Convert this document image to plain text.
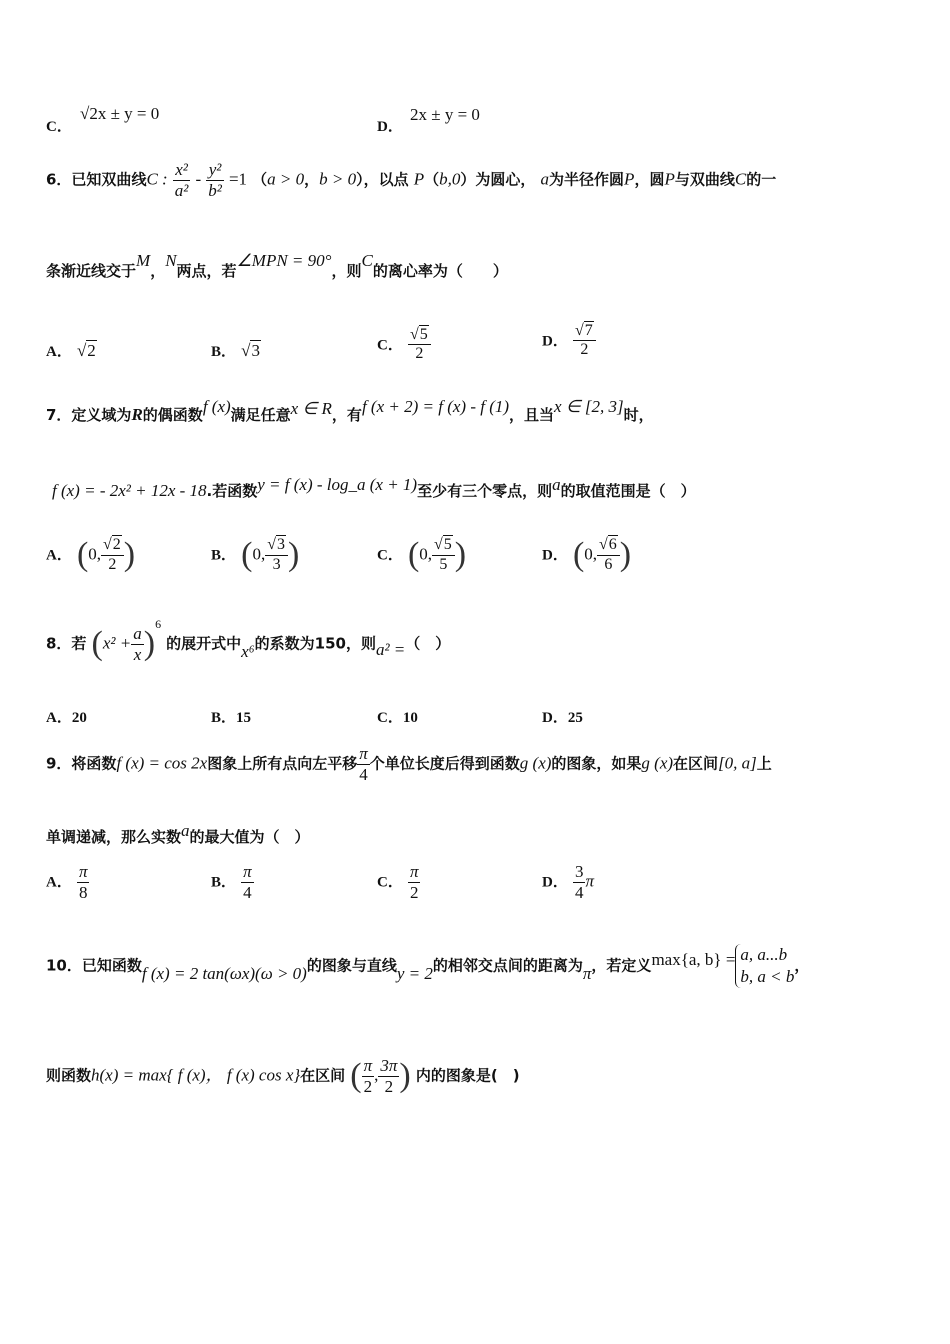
C．
√2x ± y = 0
D．
2x ± y = 0
6．已知双曲线C : $\frac{\text{x²}}{\text{a²}} - \frac{\text{y²}}{\text{b²}} =1$ （a > 0，b > 0），以点 P（b,0）为圆心， a为半径作圆P，圆P与双曲线C的一
条渐近线交于M，N两点，若∠MPN = 90°，则C的离心率为（　　）
A． √2	B． √3	C． $\frac{√5}{2}$	D． $\frac{√7}{2}$
7．定义域为R的偶函数f (x)满足任意x ∈ R，有f (x + 2) = f (x) - f (1)，且当x ∈ [2, 3]时，
f (x) = - 2x² + 12x - 18.若函数y = f (x) - log_a (x + 1)至少有三个零点，则a的取值范围是（　）
A． (0, $\frac{√2}{2}$ )	B． (0, $\frac{√3}{3}$ )	C． (0, $\frac{√5}{5}$ )	D． (0, $\frac{√6}{6}$ )
8．若 $(x^2 + \frac{a}{x} )^6$ 的展开式中x⁶的系数为150，则a² =（　）
A．20	B．15	C．10	D．25
9．将函数f (x) = cos 2x图象上所有点向左平移 $\frac{\pi}{4}$ 个单位长度后得到函数g (x)的图象，如果g (x)在区间[0, a]上
单调递减，那么实数a的最大值为（　）
A． $\frac{\pi}{8}$	B． $\frac{\pi}{4}$	C． $\frac{\pi}{2}$	D． $\frac{3}{4}$ π
10．已知函数f (x) = 2 tan(ωx)(ω > 0)的图象与直线y = 2的相邻交点间的距离为π，若定义max{a, b} = a, a...b
b, a < b
，
则函数h(x) = max{ f (x)， f (x) cos x}在区间 ( $\frac{\pi}{2}$ , $\frac{3\pi}{2}$ ) 内的图象是(　)
